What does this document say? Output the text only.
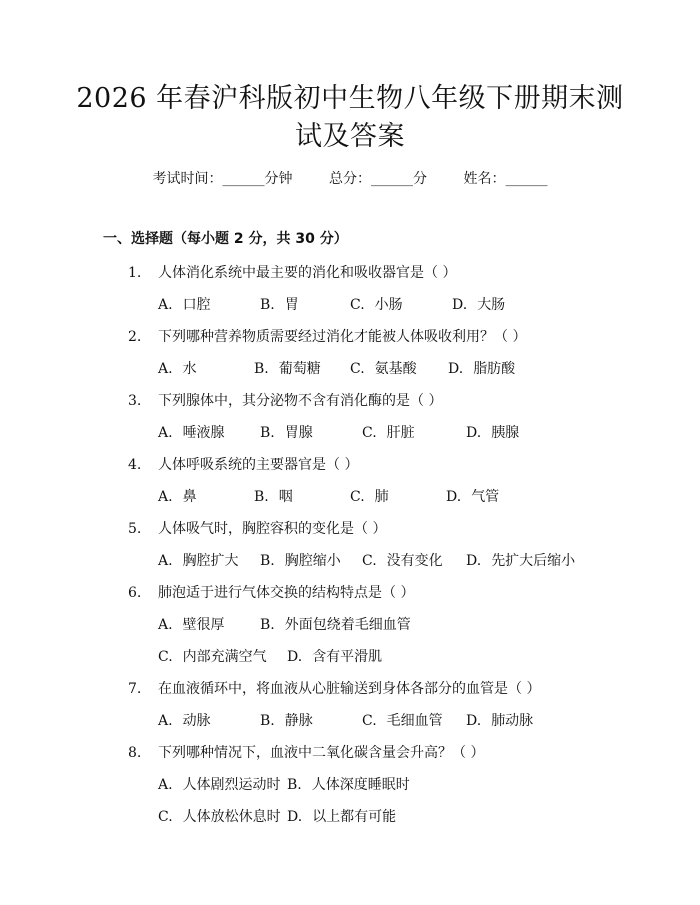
2026 年春沪科版初中生物八年级下册期末测
试及答案
考试时间：______分钟	总分：______分	姓名：______
一、选择题（每小题 2 分，共 30 分）
1. 人体消化系统中最主要的消化和吸收器官是（ ）
A. 口腔	B. 胃	C. 小肠	D. 大肠
2. 下列哪种营养物质需要经过消化才能被人体吸收利用？（ ）
A. 水	B. 葡萄糖 C. 氨基酸 D. 脂肪酸
3. 下列腺体中，其分泌物不含有消化酶的是（ ）
A. 唾液腺	B. 胃腺	C. 肝脏	D. 胰腺
4. 人体呼吸系统的主要器官是（ ）
A. 鼻	B. 咽	C. 肺	D. 气管
5. 人体吸气时，胸腔容积的变化是（ ）
A. 胸腔扩大 B. 胸腔缩小 C. 没有变化 D. 先扩大后缩小
6. 肺泡适于进行气体交换的结构特点是（ ）
A. 壁很厚	B. 外面包绕着毛细血管
C. 内部充满空气 D. 含有平滑肌
7. 在血液循环中，将血液从心脏输送到身体各部分的血管是（ ）
A. 动脉	B. 静脉	C. 毛细血管 D. 肺动脉
8. 下列哪种情况下，血液中二氧化碳含量会升高？（ ）
A. 人体剧烈运动时 B. 人体深度睡眠时
C. 人体放松休息时 D. 以上都有可能
